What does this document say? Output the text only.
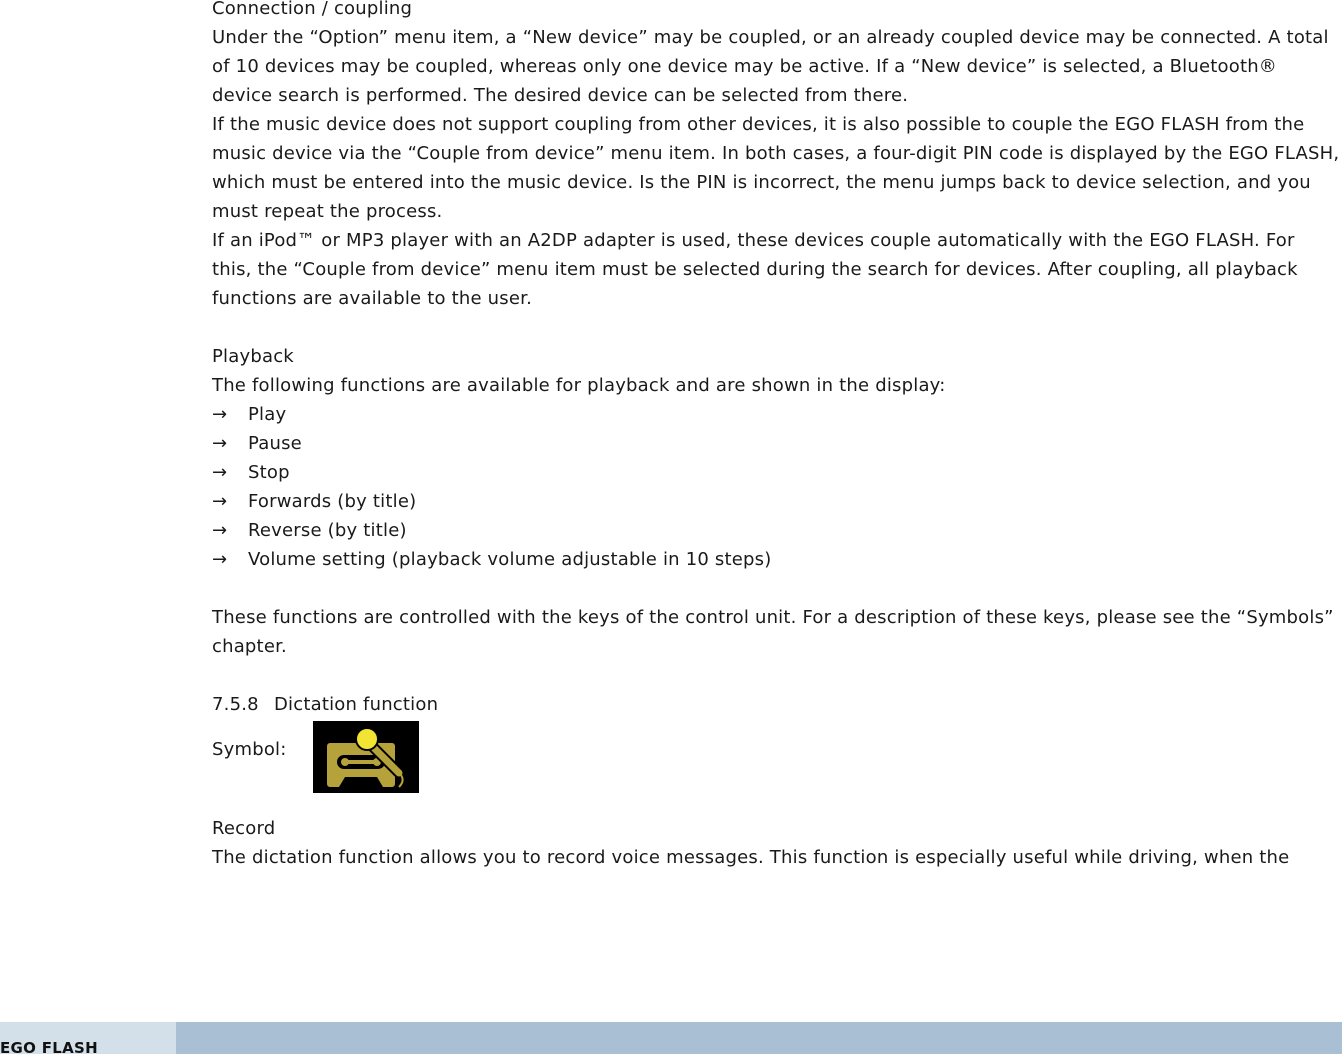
Connection / coupling

Under the “Option” menu item, a “New device” may be coupled, or an already coupled device may be connected. A total of 10 devices may be coupled, whereas only one device may be active. If a “New device” is selected, a Bluetooth® device search is performed. The desired device can be selected from there.

If the music device does not support coupling from other devices, it is also possible to couple the EGO FLASH from the music device via the “Couple from device” menu item. In both cases, a four-digit PIN code is displayed by the EGO FLASH, which must be entered into the music device. Is the PIN is incorrect, the menu jumps back to device selection, and you must repeat the process.

If an iPod™ or MP3 player with an A2DP adapter is used, these devices couple automatically with the EGO FLASH. For this, the “Couple from device” menu item must be selected during the search for devices. After coupling, all playback functions are available to the user.

Playback

The following functions are available for playback and are shown in the display:

→	Play
→	Pause
→	Stop
→	Forwards (by title)
→	Reverse (by title)
→	Volume setting (playback volume adjustable in 10 steps)

These functions are controlled with the keys of the control unit. For a description of these keys, please see the “Symbols” chapter.

7.5.8 Dictation function
Symbol:

Record

The dictation function allows you to record voice messages. This function is especially useful while driving, when the

EGO FLASH
